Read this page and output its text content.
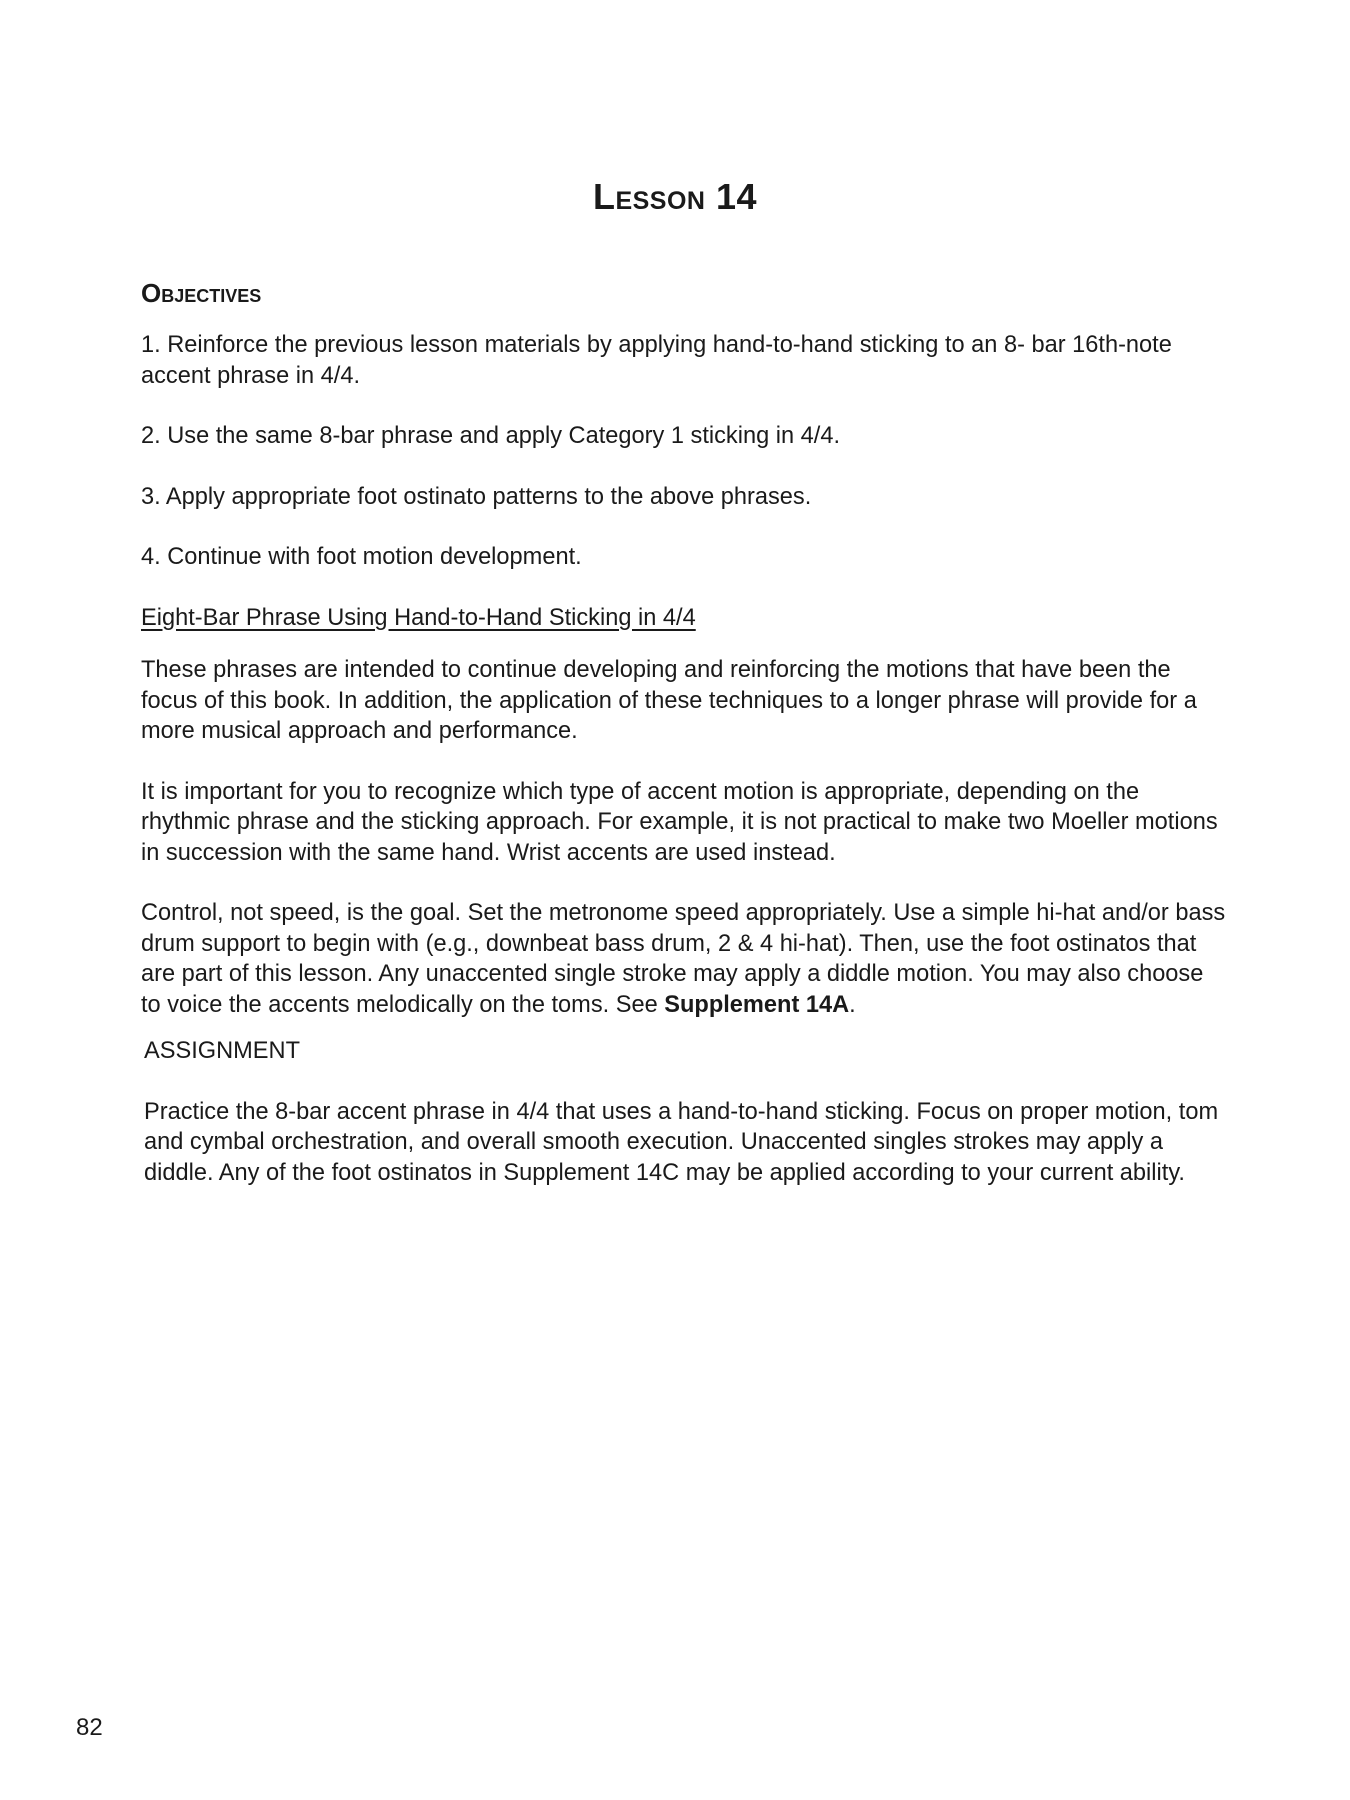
Lesson 14
Objectives

1. Reinforce the previous lesson materials by applying hand-to-hand sticking to an 8- bar 16th-note accent phrase in 4/4.

2. Use the same 8-bar phrase and apply Category 1 sticking in 4/4.

3. Apply appropriate foot ostinato patterns to the above phrases.

4. Continue with foot motion development.

Eight-Bar Phrase Using Hand-to-Hand Sticking in 4/4

These phrases are intended to continue developing and reinforcing the motions that have been the focus of this book. In addition, the application of these techniques to a longer phrase will provide for a more musical approach and performance.

It is important for you to recognize which type of accent motion is appropriate, depending on the rhythmic phrase and the sticking approach. For example, it is not practical to make two Moeller motions in succession with the same hand. Wrist accents are used instead.

Control, not speed, is the goal. Set the metronome speed appropriately. Use a simple hi-hat and/or bass drum support to begin with (e.g., downbeat bass drum, 2 & 4 hi-hat). Then, use the foot ostinatos that are part of this lesson. Any unaccented single stroke may apply a diddle motion. You may also choose to voice the accents melodically on the toms. See Supplement 14A.

ASSIGNMENT

Practice the 8-bar accent phrase in 4/4 that uses a hand-to-hand sticking. Focus on proper motion, tom and cymbal orchestration, and overall smooth execution. Unaccented singles strokes may apply a diddle. Any of the foot ostinatos in Supplement 14C may be applied according to your current ability.

82
